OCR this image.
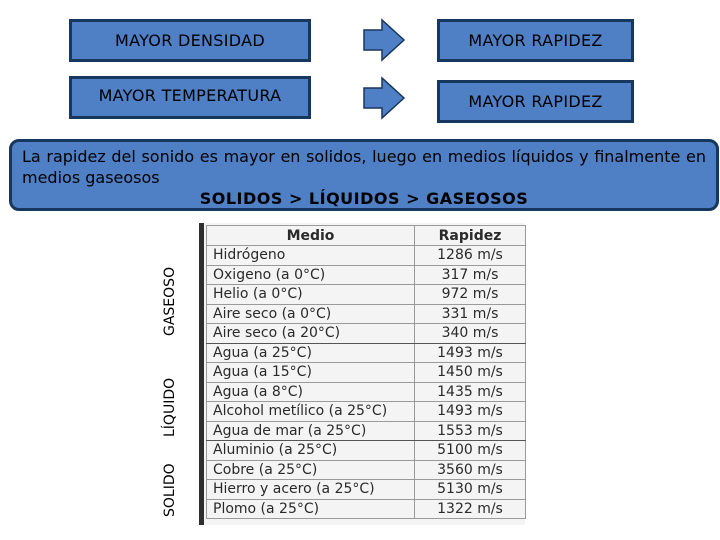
MAYOR DENSIDAD	MAYOR RAPIDEZ
MAYOR TEMPERATURA	MAYOR RAPIDEZ
La rapidez del sonido es mayor en solidos, luego en medios líquidos y finalmente en medios gaseosos
SOLIDOS > LÍQUIDOS > GASEOSOS
GASEOSO
LÍQUIDO
SOLIDO
Medio	Rapidez
Hidrógeno	1286 m/s
Oxigeno (a 0°C)	317 m/s
Helio (a 0°C)	972 m/s
Aire seco (a 0°C)	331 m/s
Aire seco (a 20°C)	340 m/s
Agua (a 25°C)	1493 m/s
Agua (a 15°C)	1450 m/s
Agua (a 8°C)	1435 m/s
Alcohol metílico (a 25°C)	1493 m/s
Agua de mar (a 25°C)	1553 m/s
Aluminio (a 25°C)	5100 m/s
Cobre (a 25°C)	3560 m/s
Hierro y acero (a 25°C)	5130 m/s
Plomo (a 25°C)	1322 m/s
